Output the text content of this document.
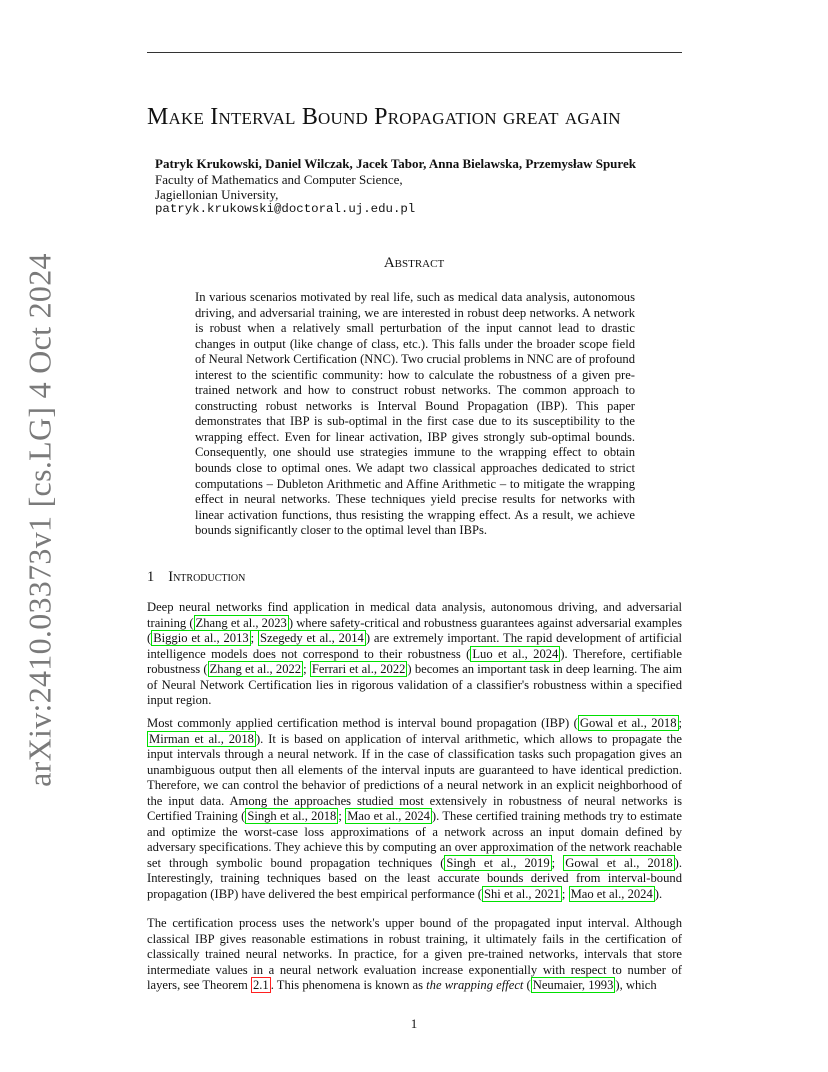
arXiv:2410.03373v1 [cs.LG] 4 Oct 2024
Make Interval Bound Propagation great again
Patryk Krukowski, Daniel Wilczak, Jacek Tabor, Anna Bielawska, Przemysław Spurek
Faculty of Mathematics and Computer Science,
Jagiellonian University,
patryk.krukowski@doctoral.uj.edu.pl
Abstract

In various scenarios motivated by real life, such as medical data analysis, autonomous driving, and adversarial training, we are interested in robust deep networks. A network is robust when a relatively small perturbation of the input cannot lead to drastic changes in output (like change of class, etc.). This falls under the broader scope field of Neural Network Certification (NNC). Two crucial problems in NNC are of profound interest to the scientific community: how to calculate the robustness of a given pre-trained network and how to construct robust networks. The common approach to constructing robust networks is Interval Bound Propagation (IBP). This paper demonstrates that IBP is sub-optimal in the first case due to its susceptibility to the wrapping effect. Even for linear activation, IBP gives strongly sub-optimal bounds. Consequently, one should use strategies immune to the wrapping effect to obtain bounds close to optimal ones. We adapt two classical approaches dedicated to strict computations – Dubleton Arithmetic and Affine Arithmetic – to mitigate the wrapping effect in neural networks. These techniques yield precise results for networks with linear activation functions, thus resisting the wrapping effect. As a result, we achieve bounds significantly closer to the optimal level than IBPs.

1 Introduction

Deep neural networks find application in medical data analysis, autonomous driving, and adversarial training ( Zhang et al., 2023 ) where safety-critical and robustness guarantees against adversarial examples ( Biggio et al., 2013 ; Szegedy et al., 2014 ) are extremely important. The rapid development of artificial intelligence models does not correspond to their robustness ( Luo et al., 2024 ). Therefore, certifiable robustness ( Zhang et al., 2022 ; Ferrari et al., 2022 ) becomes an important task in deep learning. The aim of Neural Network Certification lies in rigorous validation of a classifier's robustness within a specified input region.

Most commonly applied certification method is interval bound propagation (IBP) ( Gowal et al., 2018 ; Mirman et al., 2018 ). It is based on application of interval arithmetic, which allows to propagate the input intervals through a neural network. If in the case of classification tasks such propagation gives an unambiguous output then all elements of the interval inputs are guaranteed to have identical prediction. Therefore, we can control the behavior of predictions of a neural network in an explicit neighborhood of the input data. Among the approaches studied most extensively in robustness of neural networks is Certified Training ( Singh et al., 2018 ; Mao et al., 2024 ). These certified training methods try to estimate and optimize the worst-case loss approximations of a network across an input domain defined by adversary specifications. They achieve this by computing an over approximation of the network reachable set through symbolic bound propagation techniques ( Singh et al., 2019 ; Gowal et al., 2018 ). Interestingly, training techniques based on the least accurate bounds derived from interval-bound propagation (IBP) have delivered the best empirical performance ( Shi et al., 2021 ; Mao et al., 2024 ).

The certification process uses the network's upper bound of the propagated input interval. Although classical IBP gives reasonable estimations in robust training, it ultimately fails in the certification of classically trained neural networks. In practice, for a given pre-trained networks, intervals that store intermediate values in a neural network evaluation increase exponentially with respect to number of layers, see Theorem 2.1 . This phenomena is known as the wrapping effect ( Neumaier, 1993 ), which

1
